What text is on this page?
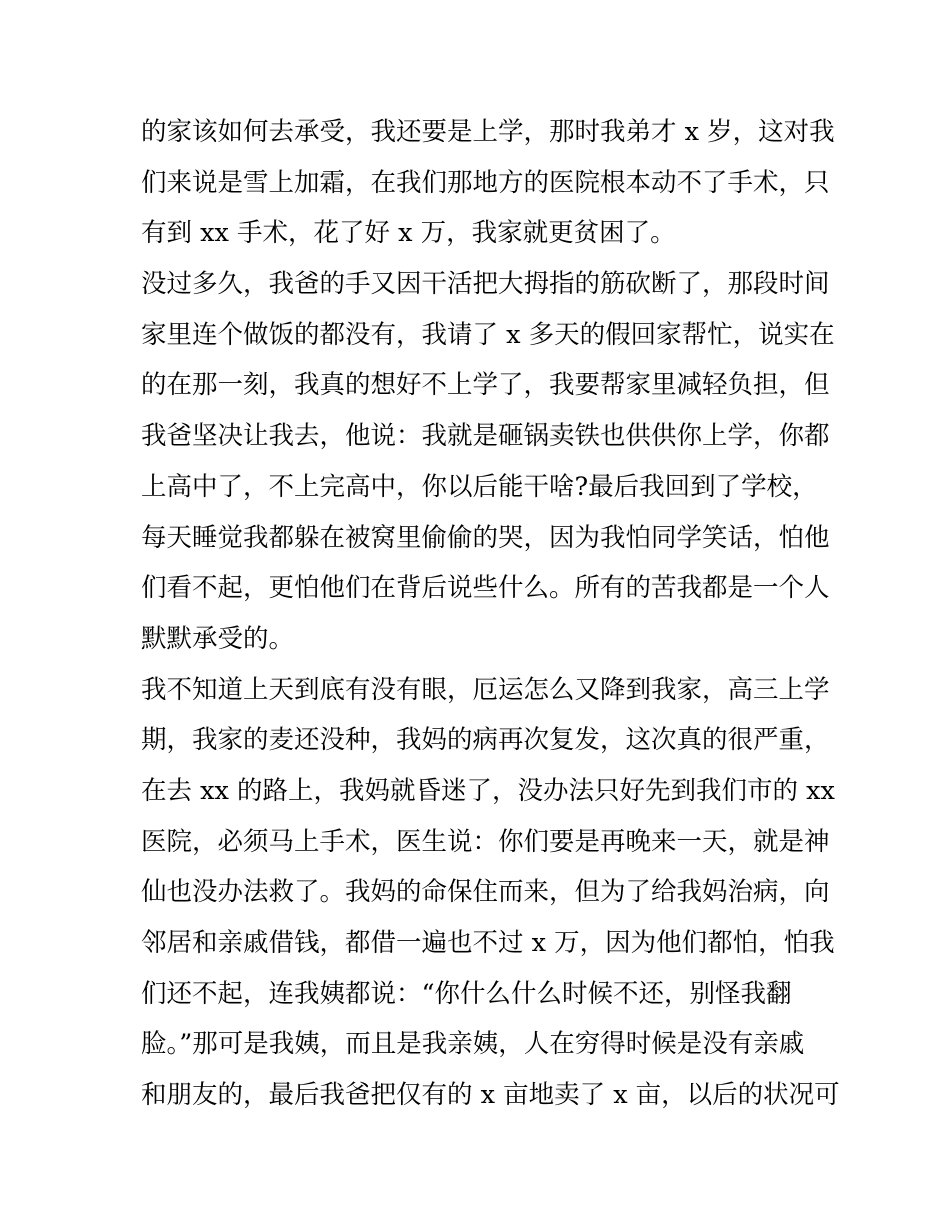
的家该如何去承受，我还要是上学，那时我弟才 x 岁，这对我

们来说是雪上加霜，在我们那地方的医院根本动不了手术，只

有到 xx 手术，花了好 x 万，我家就更贫困了。

没过多久，我爸的手又因干活把大拇指的筋砍断了，那段时间

家里连个做饭的都没有，我请了 x 多天的假回家帮忙，说实在

的在那一刻，我真的想好不上学了，我要帮家里减轻负担，但

我爸坚决让我去，他说：我就是砸锅卖铁也供供你上学，你都

上高中了，不上完高中，你以后能干啥?最后我回到了学校，

每天睡觉我都躲在被窝里偷偷的哭，因为我怕同学笑话，怕他

们看不起，更怕他们在背后说些什么。所有的苦我都是一个人

默默承受的。

我不知道上天到底有没有眼，厄运怎么又降到我家，高三上学

期，我家的麦还没种，我妈的病再次复发，这次真的很严重，

在去 xx 的路上，我妈就昏迷了，没办法只好先到我们市的 xx

医院，必须马上手术，医生说：你们要是再晚来一天，就是神

仙也没办法救了。我妈的命保住而来，但为了给我妈治病，向

邻居和亲戚借钱，都借一遍也不过 x 万，因为他们都怕，怕我

们还不起，连我姨都说：“你什么什么时候不还，别怪我翻

脸。”那可是我姨，而且是我亲姨，人在穷得时候是没有亲戚

和朋友的，最后我爸把仅有的 x 亩地卖了 x 亩，以后的状况可
